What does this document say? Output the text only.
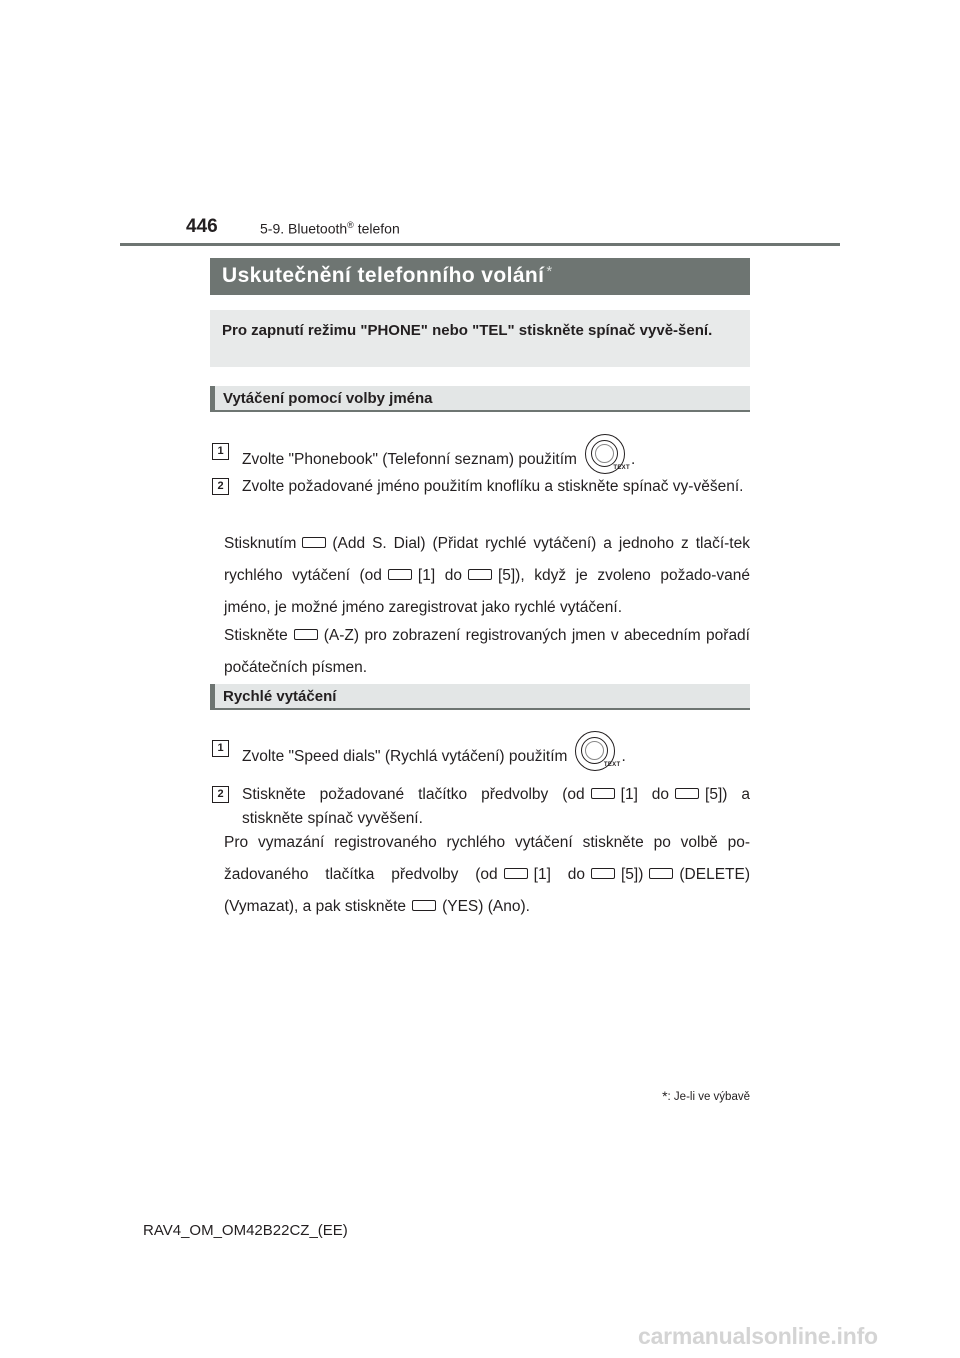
446	5-9. Bluetooth® telefon
Uskutečnění telefonního volání *
Pro zapnutí režimu "PHONE" nebo "TEL" stiskněte spínač vyvě-šení.
Vytáčení pomocí volby jména
1
Zvolte "Phonebook" (Telefonní seznam) použitím	TEXT .
2	Zvolte požadované jméno použitím knoflíku a stiskněte spínač vy-věšení.
Stisknutím (Add S. Dial) (Přidat rychlé vytáčení) a jednoho z tlačí-tek rychlého vytáčení (od [1] do [5]), když je zvoleno požado-vané jméno, je možné jméno zaregistrovat jako rychlé vytáčení.
Stiskněte (A-Z) pro zobrazení registrovaných jmen v abecedním pořadí počátečních písmen.
Rychlé vytáčení
1
Zvolte "Speed dials" (Rychlá vytáčení) použitím	TEXT .
2	Stiskněte požadované tlačítko předvolby (od [1] do [5]) a stiskněte spínač vyvěšení.
Pro vymazání registrovaného rychlého vytáčení stiskněte po volbě po-žadovaného tlačítka předvolby (od [1] do [5]) (DELETE) (Vymazat), a pak stiskněte (YES) (Ano).
*: Je-li ve výbavě
RAV4_OM_OM42B22CZ_(EE)
carmanualsonline.info
